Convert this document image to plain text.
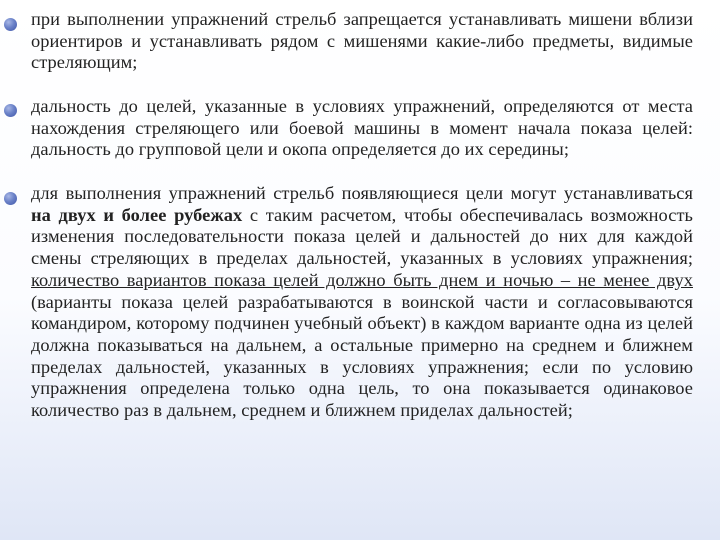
при выполнении упражнений стрельб запрещается устанавливать мишени вблизи ориентиров и устанавливать рядом с мишенями какие-либо предметы, видимые стреляющим;

дальность до целей, указанные в условиях упражнений, определяются от места нахождения стреляющего или боевой машины в момент начала показа целей: дальность до групповой цели и окопа определяется до их середины;

для выполнения упражнений стрельб появляющиеся цели могут устанавливаться на двух и более рубежах с таким расчетом, чтобы обеспечивалась возможность изменения последовательности показа целей и дальностей до них для каждой смены стреляющих в пределах дальностей, указанных в условиях упражнения; количество вариантов показа целей должно быть днем и ночью – не менее двух (варианты показа целей разрабатываются в воинской части и согласовываются командиром, которому подчинен учебный объект) в каждом варианте одна из целей должна показываться на дальнем, а остальные примерно на среднем и ближнем пределах дальностей, указанных в условиях упражнения; если по условию упражнения определена только одна цель, то она показывается одинаковое количество раз в дальнем, среднем и ближнем приделах дальностей;
